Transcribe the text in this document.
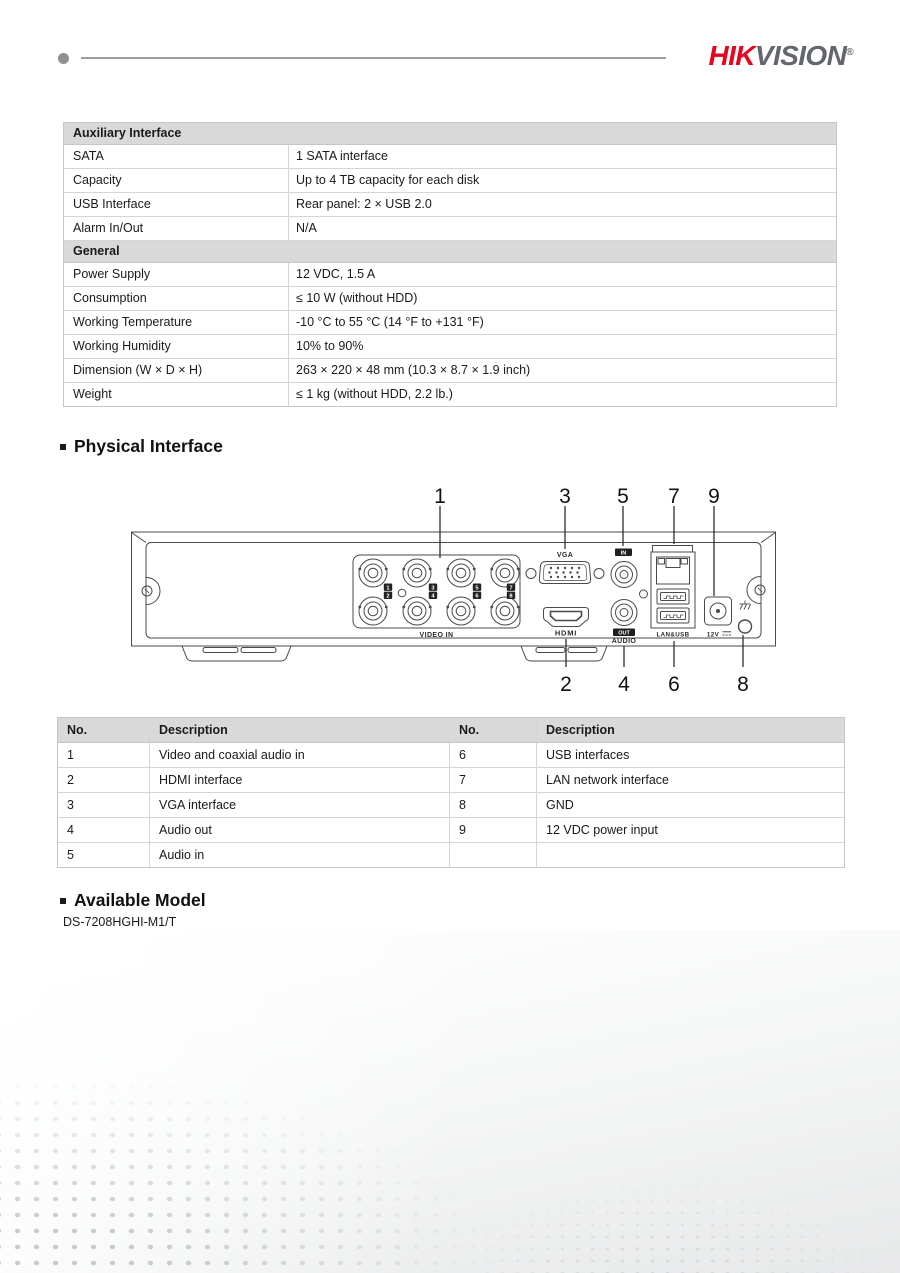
HIKVISION®
Auxiliary Interface
SATA	1 SATA interface
Capacity	Up to 4 TB capacity for each disk
USB Interface	Rear panel: 2 × USB 2.0
Alarm In/Out	N/A
General
Power Supply	12 VDC, 1.5 A
Consumption	≤ 10 W (without HDD)
Working Temperature	-10 °C to 55 °C (14 °F to +131 °F)
Working Humidity	10% to 90%
Dimension (W × D × H)	263 × 220 × 48 mm (10.3 × 8.7 × 1.9 inch)
Weight	≤ 1 kg (without HDD, 2.2 lb.)
Physical Interface
1
2
3
4
5
6
7
8
VIDEO IN
VGA
HDMI
IN
OUT
AUDIO
LAN&USB	12V
1	3 5 7 9
2 4 6	8
No.	Description	No.	Description
1	Video and coaxial audio in	6	USB interfaces
2	HDMI interface	7	LAN network interface
3	VGA interface	8	GND
4	Audio out	9	12 VDC power input
5	Audio in
Available Model
DS-7208HGHI-M1/T
